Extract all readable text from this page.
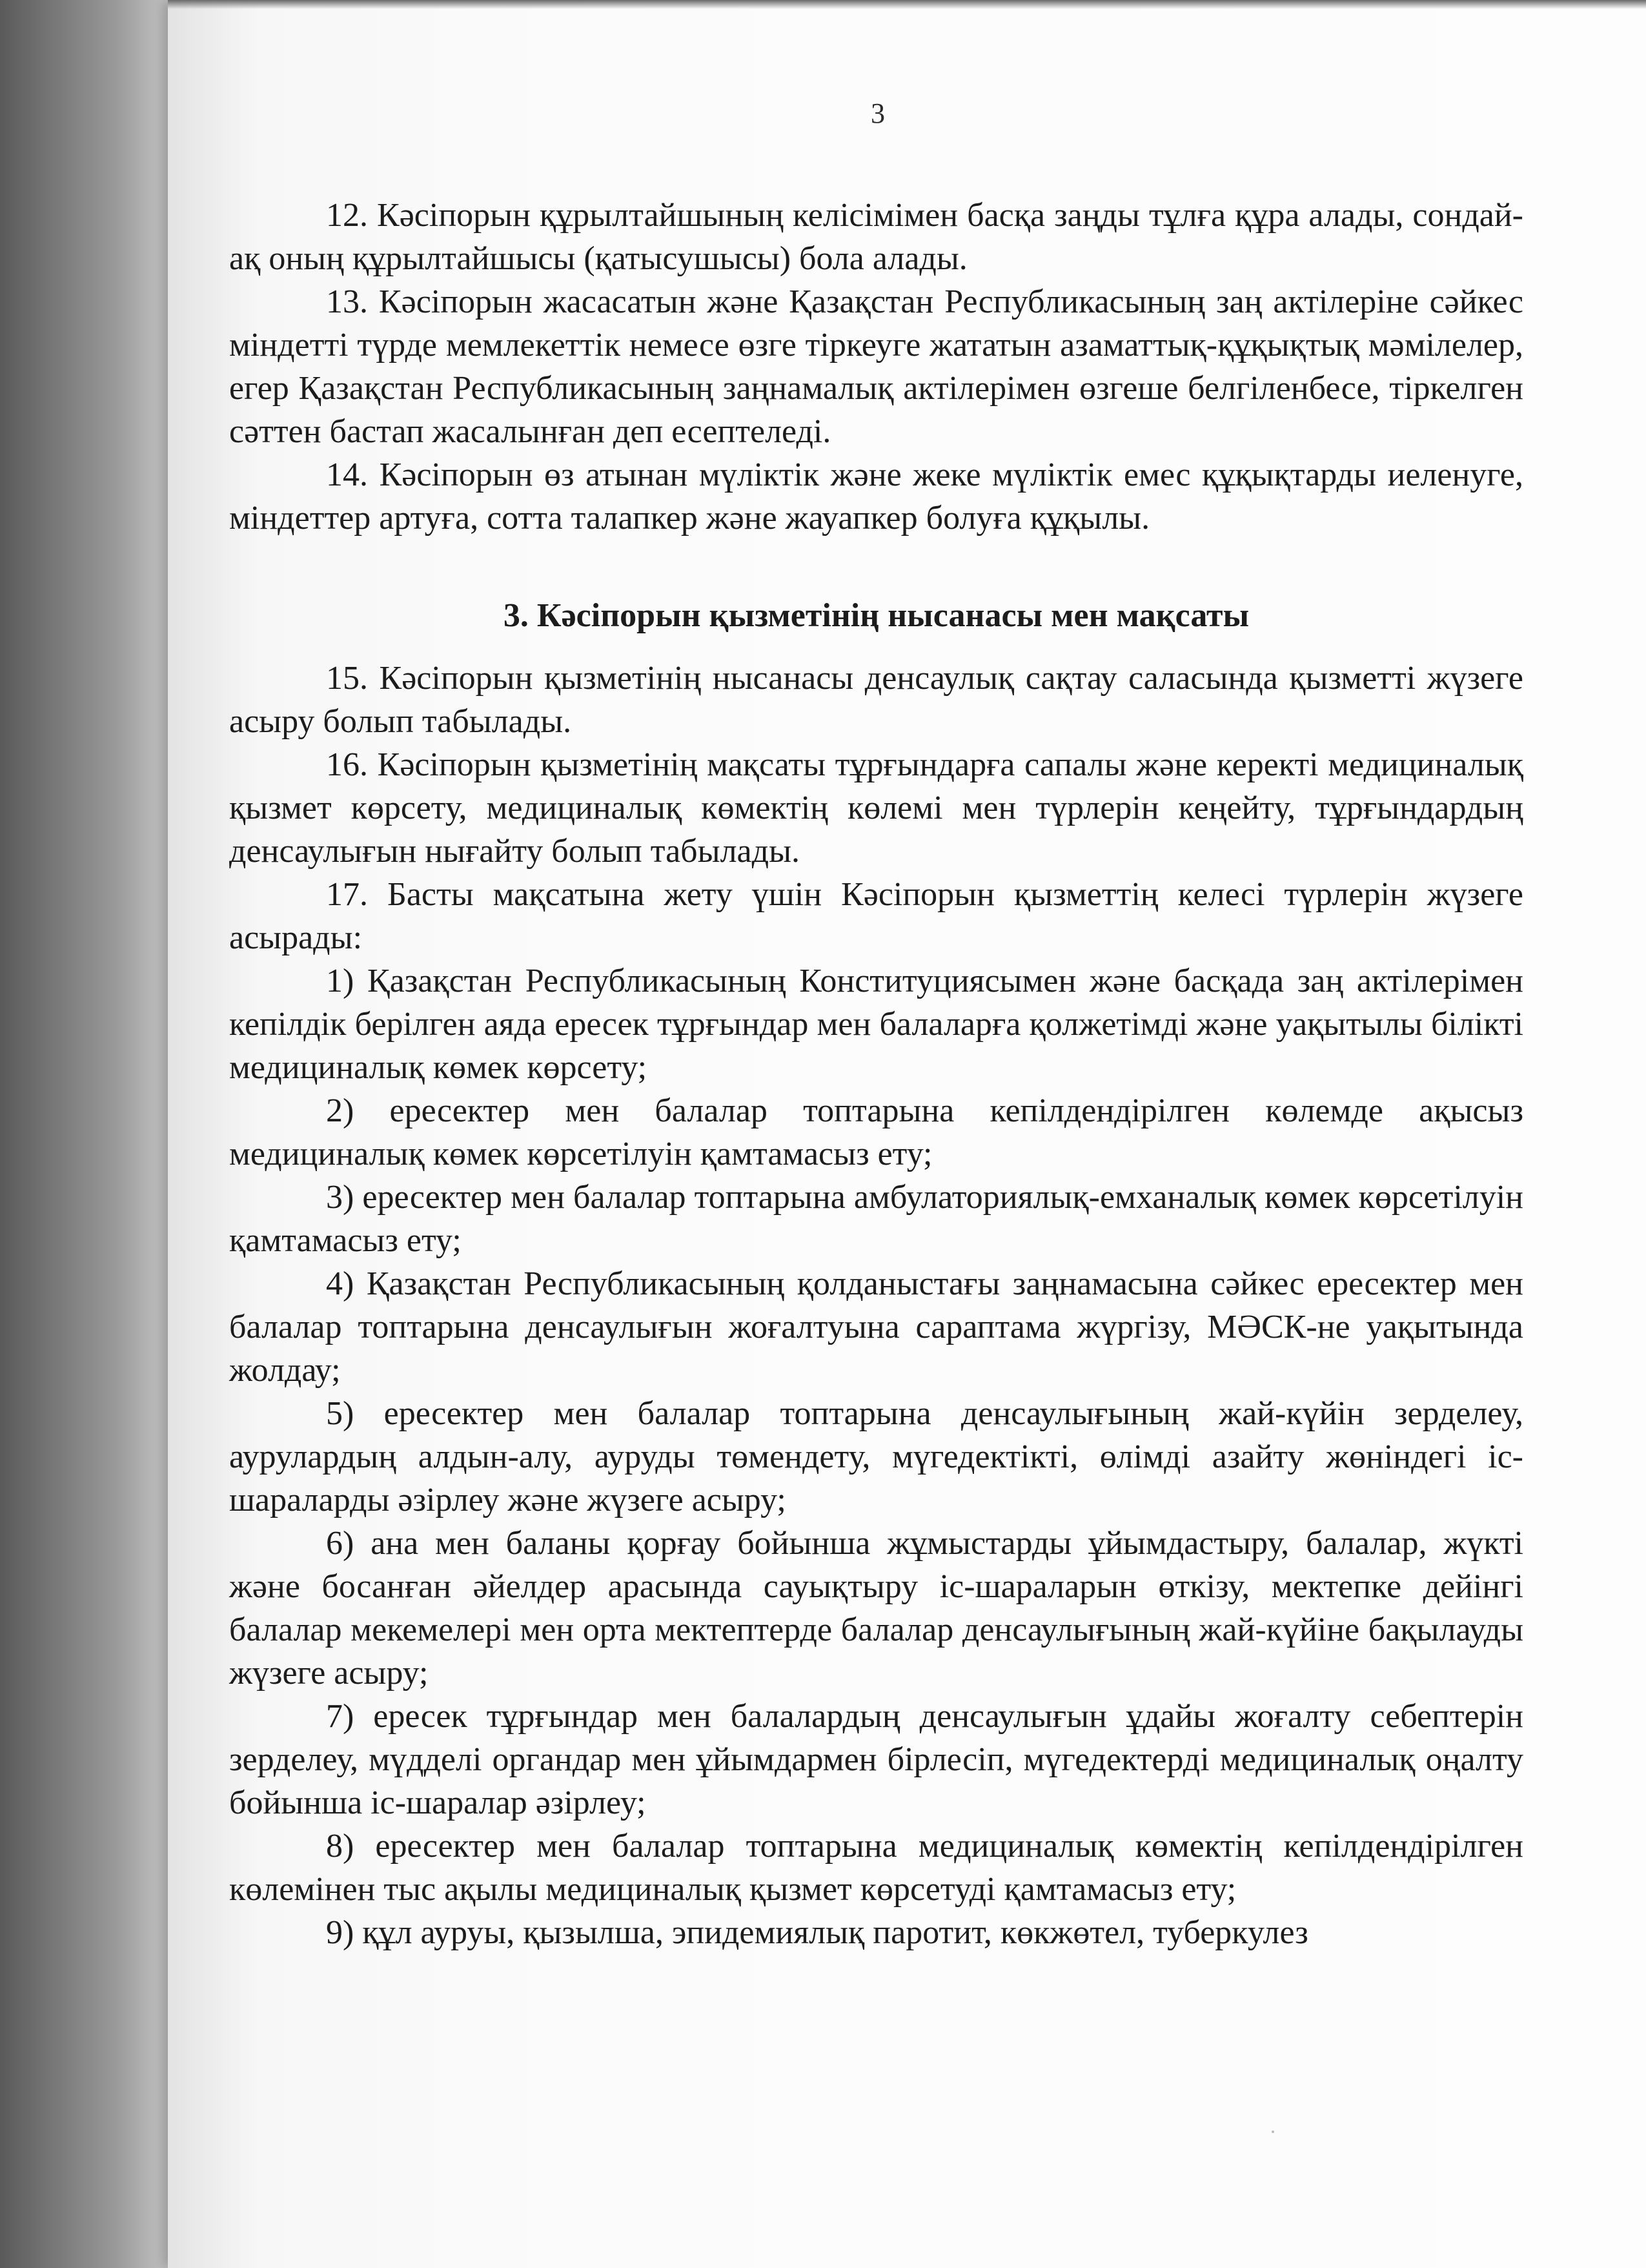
3

12. Кәсіпорын құрылтайшының келісімімен басқа заңды тұлға құра алады, сондай-ақ оның құрылтайшысы (қатысушысы) бола алады.

13. Кәсіпорын жасасатын және Қазақстан Республикасының заң актілеріне сәйкес міндетті түрде мемлекеттік немесе өзге тіркеуге жататын азаматтық-құқықтық мәмілелер, егер Қазақстан Республикасының заңнамалық актілерімен өзгеше белгіленбесе, тіркелген сәттен бастап жасалынған деп есептеледі.

14. Кәсіпорын өз атынан мүліктік және жеке мүліктік емес құқықтарды иеленуге, міндеттер артуға, сотта талапкер және жауапкер болуға құқылы.

3. Кәсіпорын қызметінің нысанасы мен мақсаты

15. Кәсіпорын қызметінің нысанасы денсаулық сақтау саласында қызметті жүзеге асыру болып табылады.

16. Кәсіпорын қызметінің мақсаты тұрғындарға сапалы және керекті медициналық қызмет көрсету, медициналық көмектің көлемі мен түрлерін кеңейту, тұрғындардың денсаулығын нығайту болып табылады.

17. Басты мақсатына жету үшін Кәсіпорын қызметтің келесі түрлерін жүзеге асырады:

1) Қазақстан Республикасының Конституциясымен және басқада заң актілерімен кепілдік берілген аяда ересек тұрғындар мен балаларға қолжетімді және уақытылы білікті медициналық көмек көрсету;

2) ересектер мен балалар топтарына кепілдендірілген көлемде ақысыз медициналық көмек көрсетілуін қамтамасыз ету;

3) ересектер мен балалар топтарына амбулаториялық-емханалық көмек көрсетілуін қамтамасыз ету;

4) Қазақстан Республикасының қолданыстағы заңнамасына сәйкес ересектер мен балалар топтарына денсаулығын жоғалтуына сараптама жүргізу, МӘСК-не уақытында жолдау;

5) ересектер мен балалар топтарына денсаулығының жай-күйін зерделеу, аурулардың алдын-алу, ауруды төмендету, мүгедектікті, өлімді азайту жөніндегі іс-шараларды әзірлеу және жүзеге асыру;

6) ана мен баланы қорғау бойынша жұмыстарды ұйымдастыру, балалар, жүкті және босанған әйелдер арасында сауықтыру іс-шараларын өткізу, мектепке дейінгі балалар мекемелері мен орта мектептерде балалар денсаулығының жай-күйіне бақылауды жүзеге асыру;

7) ересек тұрғындар мен балалардың денсаулығын ұдайы жоғалту себептерін зерделеу, мүдделі органдар мен ұйымдармен бірлесіп, мүгедектерді медициналық оңалту бойынша іс-шаралар әзірлеу;

8) ересектер мен балалар топтарына медициналық көмектің кепілдендірілген көлемінен тыс ақылы медициналық қызмет көрсетуді қамтамасыз ету;

9) құл ауруы, қызылша, эпидемиялық паротит, көкжөтел, туберкулез
